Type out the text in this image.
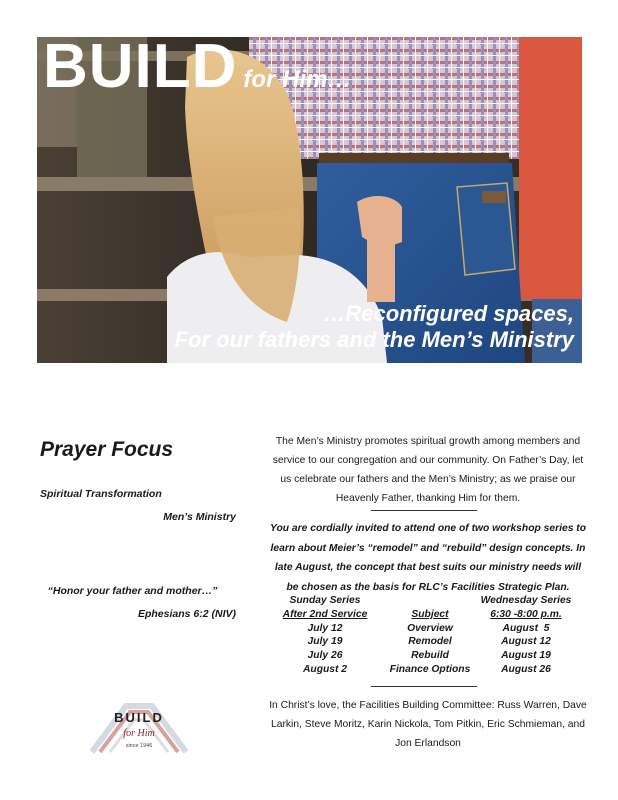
BUILD for Him…
…Reconfigured spaces,
For our fathers and the Men’s Ministry
Prayer Focus
Spiritual Transformation
Men’s Ministry
“Honor your father and mother…”
Ephesians 6:2 (NIV)
BUILD
for Him
since 1946
The Men’s Ministry promotes spiritual growth among members and service to our congregation and our community. On Father’s Day, let us celebrate our fathers and the Men’s Ministry; as we praise our Heavenly Father, thanking Him for them.
You are cordially invited to attend one of two workshop series to learn about Meier’s “remodel” and “rebuild” design concepts. In late August, the concept that best suits our ministry needs will be chosen as the basis for RLC’s Facilities Strategic Plan.
Sunday Series
After 2nd Service
July 12
July 19
July 26
August 2

Subject
Overview
Remodel
Rebuild
Finance Options
Wednesday Series
6:30 -8:00 p.m.
August  5
August 12
August 19
August 26
In Christ’s love, the Facilities Building Committee: Russ Warren, Dave Larkin, Steve Moritz, Karin Nickola, Tom Pitkin, Eric Schmieman, and Jon Erlandson
